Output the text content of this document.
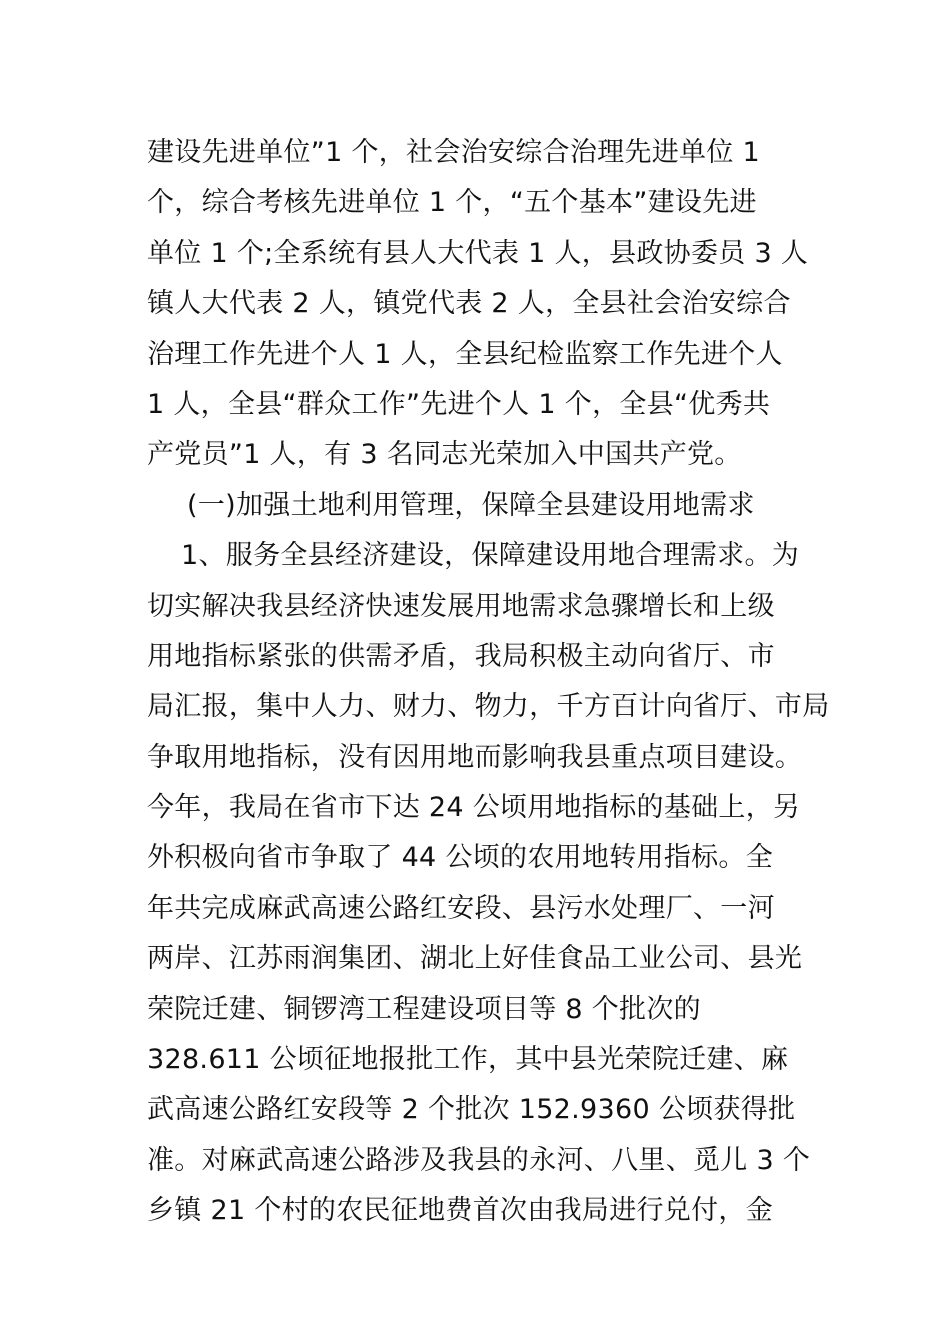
建设先进单位”1 个，社会治安综合治理先进单位 1
个，综合考核先进单位 1 个，“五个基本”建设先进
单位 1 个;全系统有县人大代表 1 人，县政协委员 3 人
镇人大代表 2 人，镇党代表 2 人，全县社会治安综合
治理工作先进个人 1 人，全县纪检监察工作先进个人
1 人，全县“群众工作”先进个人 1 个，全县“优秀共
产党员”1 人，有 3 名同志光荣加入中国共产党。
(一)加强土地利用管理，保障全县建设用地需求
1、服务全县经济建设，保障建设用地合理需求。为
切实解决我县经济快速发展用地需求急骤增长和上级
用地指标紧张的供需矛盾，我局积极主动向省厅、市
局汇报，集中人力、财力、物力，千方百计向省厅、市局
争取用地指标，没有因用地而影响我县重点项目建设。
今年，我局在省市下达 24 公顷用地指标的基础上，另
外积极向省市争取了 44 公顷的农用地转用指标。全
年共完成麻武高速公路红安段、县污水处理厂、一河
两岸、江苏雨润集团、湖北上好佳食品工业公司、县光
荣院迁建、铜锣湾工程建设项目等 8 个批次的
328.611 公顷征地报批工作，其中县光荣院迁建、麻
武高速公路红安段等 2 个批次 152.9360 公顷获得批
准。对麻武高速公路涉及我县的永河、八里、觅儿 3 个
乡镇 21 个村的农民征地费首次由我局进行兑付，金
